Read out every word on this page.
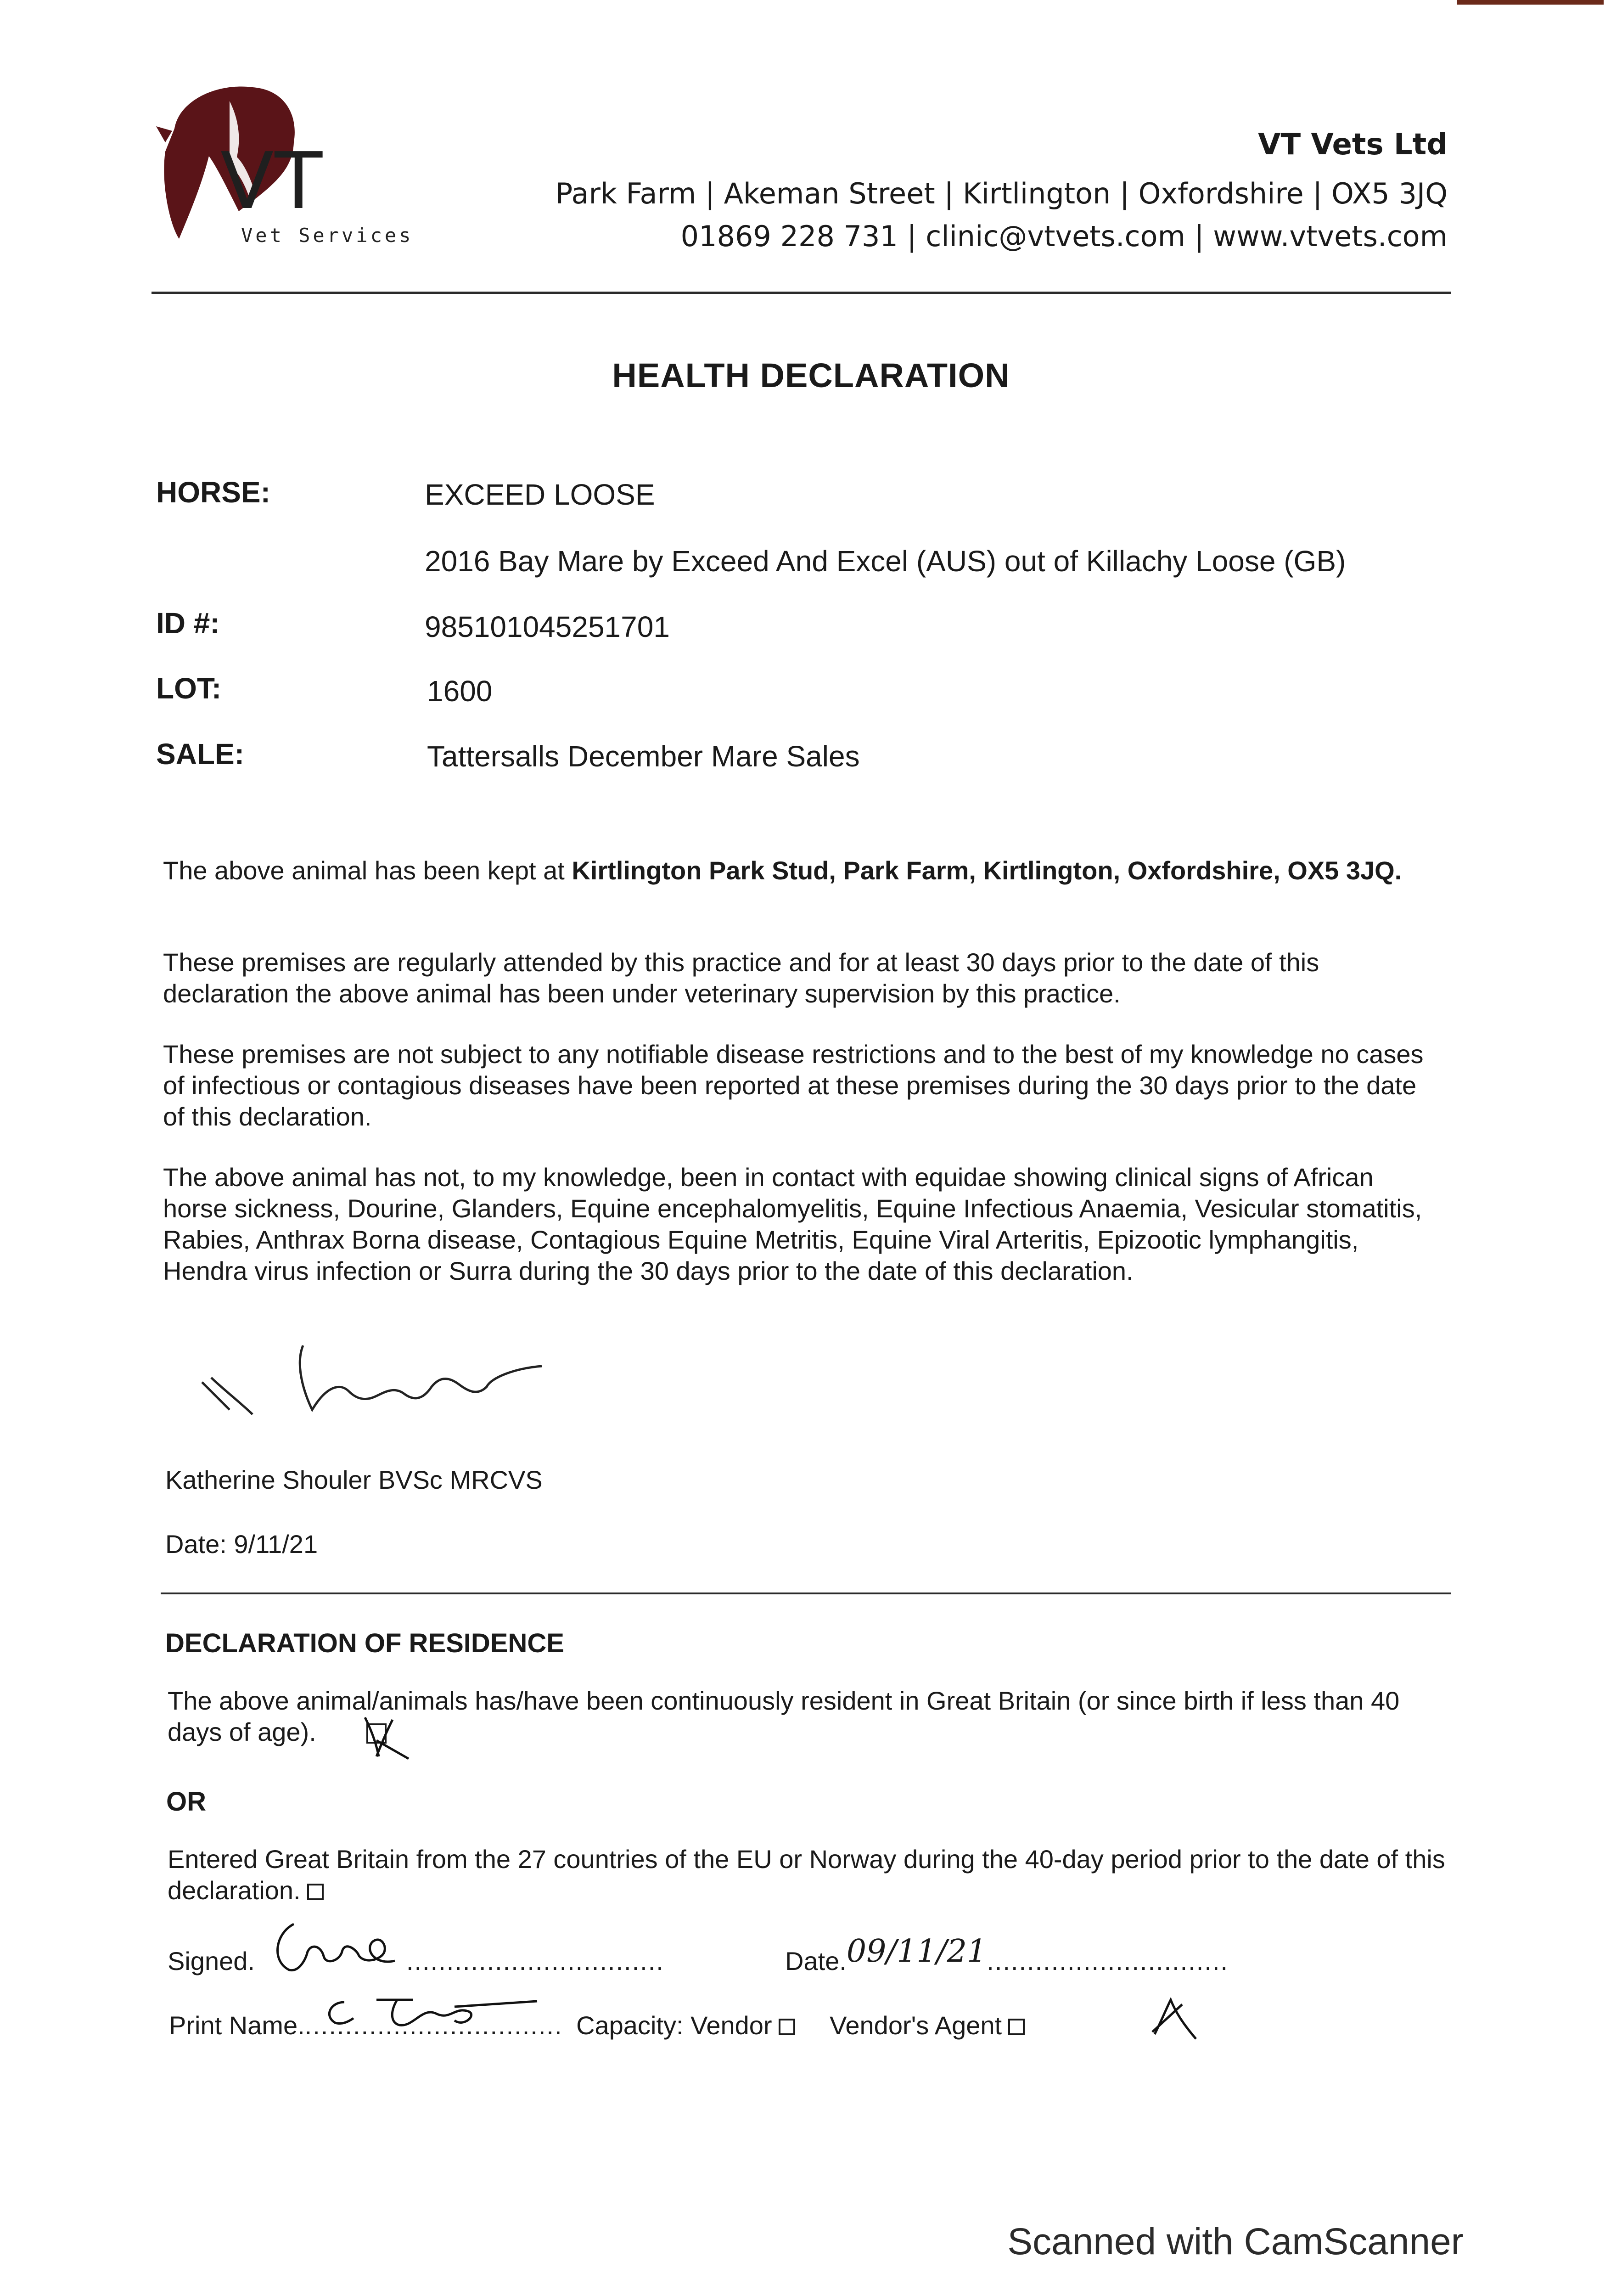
VT
Vet Services
VT Vets Ltd
Park Farm | Akeman Street | Kirtlington | Oxfordshire | OX5 3JQ
01869 228 731 | clinic@vtvets.com | www.vtvets.com
HEALTH DECLARATION
HORSE:	EXCEED LOOSE
2016 Bay Mare by Exceed And Excel (AUS) out of Killachy Loose (GB)
ID #:	985101045251701
LOT:	1600
SALE:	Tattersalls December Mare Sales
The above animal has been kept at Kirtlington Park Stud, Park Farm, Kirtlington, Oxfordshire, OX5 3JQ.
These premises are regularly attended by this practice and for at least 30 days prior to the date of this declaration the above animal has been under veterinary supervision by this practice.
These premises are not subject to any notifiable disease restrictions and to the best of my knowledge no cases of infectious or contagious diseases have been reported at these premises during the 30 days prior to the date of this declaration.
The above animal has not, to my knowledge, been in contact with equidae showing clinical signs of African horse sickness, Dourine, Glanders, Equine encephalomyelitis, Equine Infectious Anaemia, Vesicular stomatitis, Rabies, Anthrax Borna disease, Contagious Equine Metritis, Equine Viral Arteritis, Epizootic lymphangitis, Hendra virus infection or Surra during the 30 days prior to the date of this declaration.
Katherine Shouler BVSc MRCVS
Date: 9/11/21
DECLARATION OF RESIDENCE
The above animal/animals has/have been continuously resident in Great Britain (or since birth if less than 40 days of age).
OR
Entered Great Britain from the 27 countries of the EU or Norway during the 40-day period prior to the date of this declaration.
Signed.	................................	Date.09/11/21..............................
Print Name................................. Capacity: Vendor Vendor's Agent
Scanned with CamScanner
